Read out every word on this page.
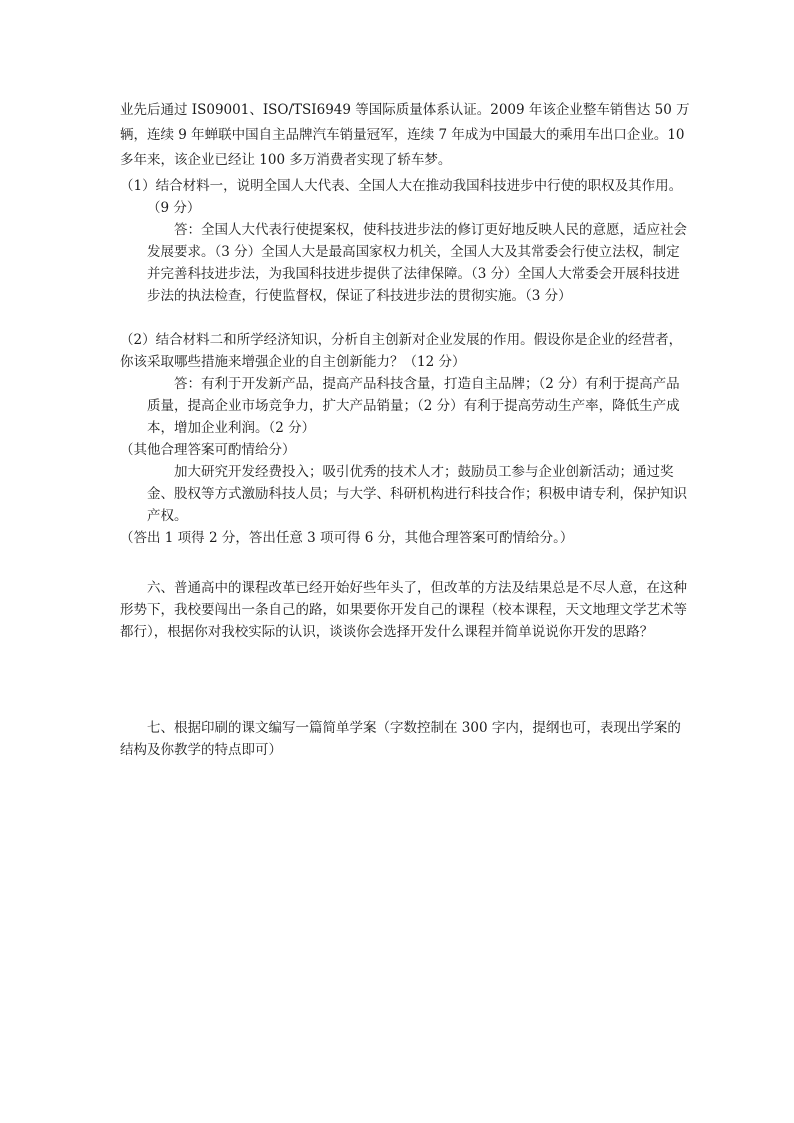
业先后通过 IS09001、ISO/TSI6949 等国际质量体系认证。2009 年该企业整车销售达 50 万辆，连续 9 年蝉联中国自主品牌汽车销量冠军，连续 7 年成为中国最大的乘用车出口企业。10 多年来，该企业已经让 100 多万消费者实现了轿车梦。

（1）结合材料一，说明全国人大代表、全国人大在推动我国科技进步中行使的职权及其作用。（9 分）

答：全国人大代表行使提案权，使科技进步法的修订更好地反映人民的意愿，适应社会发展要求。（3 分）全国人大是最高国家权力机关，全国人大及其常委会行使立法权，制定并完善科技进步法，为我国科技进步提供了法律保障。（3 分）全国人大常委会开展科技进步法的执法检查，行使监督权，保证了科技进步法的贯彻实施。（3 分）

（2）结合材料二和所学经济知识，分析自主创新对企业发展的作用。假设你是企业的经营者，你该采取哪些措施来增强企业的自主创新能力？（12 分）

答：有利于开发新产品，提高产品科技含量，打造自主品牌；（2 分）有利于提高产品质量，提高企业市场竞争力，扩大产品销量；（2 分）有利于提高劳动生产率，降低生产成本，增加企业利润。（2 分）

（其他合理答案可酌情给分）

加大研究开发经费投入；吸引优秀的技术人才；鼓励员工参与企业创新活动；通过奖金、股权等方式激励科技人员；与大学、科研机构进行科技合作；积极申请专利，保护知识产权。

（答出 1 项得 2 分，答出任意 3 项可得 6 分，其他合理答案可酌情给分。）

六、普通高中的课程改革已经开始好些年头了，但改革的方法及结果总是不尽人意，在这种形势下，我校要闯出一条自己的路，如果要你开发自己的课程（校本课程，天文地理文学艺术等都行），根据你对我校实际的认识，谈谈你会选择开发什么课程并简单说说你开发的思路？

七、根据印刷的课文编写一篇简单学案（字数控制在 300 字内，提纲也可，表现出学案的结构及你教学的特点即可）
